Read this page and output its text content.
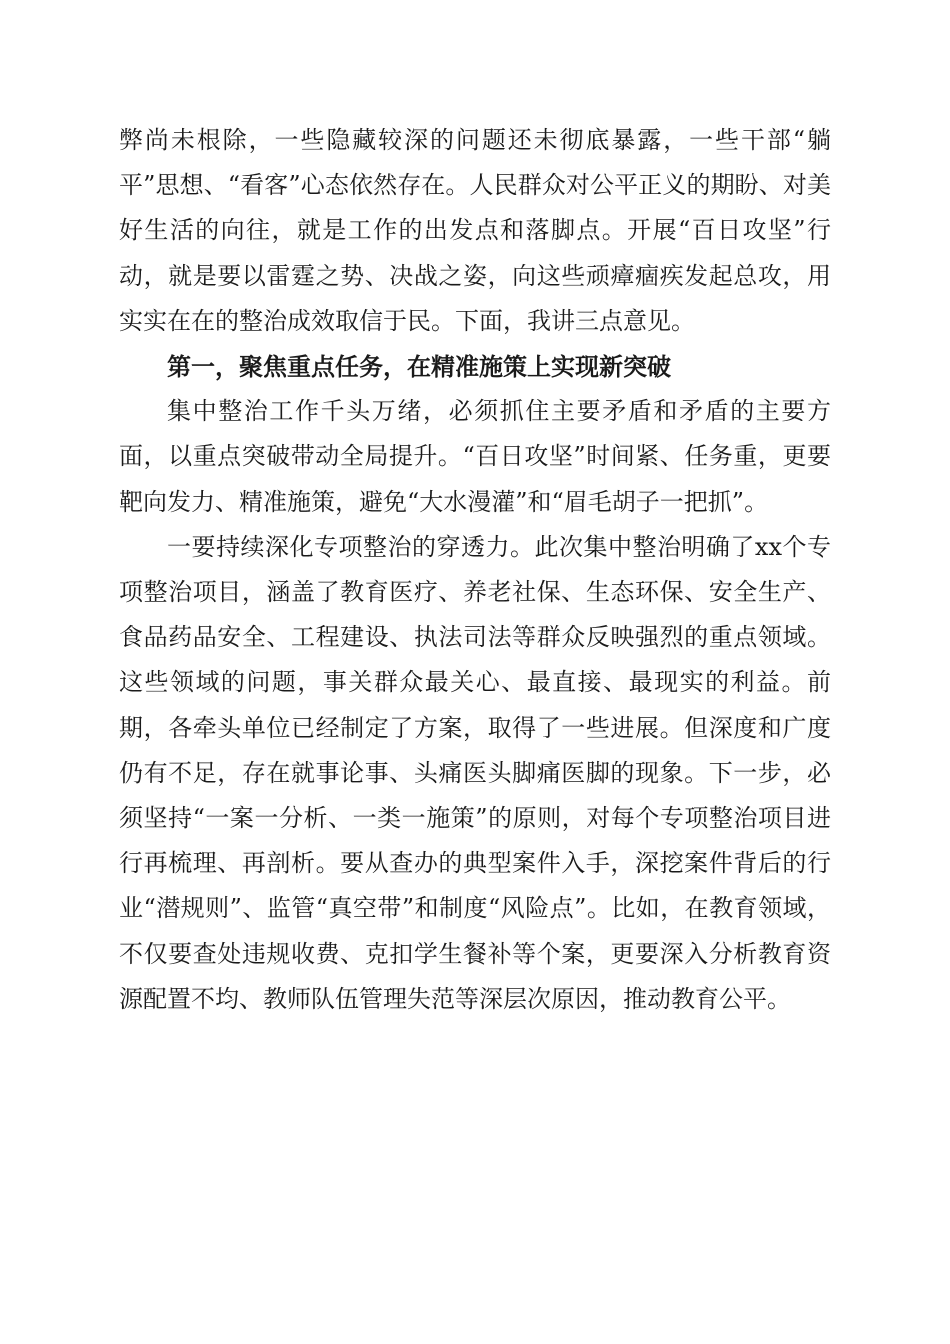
弊尚未根除，一些隐藏较深的问题还未彻底暴露，一些干部“躺平”思想、“看客”心态依然存在。人民群众对公平正义的期盼、对美好生活的向往，就是工作的出发点和落脚点。开展“百日攻坚”行动，就是要以雷霆之势、决战之姿，向这些顽瘴痼疾发起总攻，用实实在在的整治成效取信于民。下面，我讲三点意见。

第一，聚焦重点任务，在精准施策上实现新突破

集中整治工作千头万绪，必须抓住主要矛盾和矛盾的主要方面，以重点突破带动全局提升。“百日攻坚”时间紧、任务重，更要靶向发力、精准施策，避免“大水漫灌”和“眉毛胡子一把抓”。

一要持续深化专项整治的穿透力。此次集中整治明确了xx个专项整治项目，涵盖了教育医疗、养老社保、生态环保、安全生产、食品药品安全、工程建设、执法司法等群众反映强烈的重点领域。这些领域的问题，事关群众最关心、最直接、最现实的利益。前期，各牵头单位已经制定了方案，取得了一些进展。但深度和广度仍有不足，存在就事论事、头痛医头脚痛医脚的现象。下一步，必须坚持“一案一分析、一类一施策”的原则，对每个专项整治项目进行再梳理、再剖析。要从查办的典型案件入手，深挖案件背后的行业“潜规则”、监管“真空带”和制度“风险点”。比如，在教育领域，不仅要查处违规收费、克扣学生餐补等个案，更要深入分析教育资源配置不均、教师队伍管理失范等深层次原因，推动教育公平。
